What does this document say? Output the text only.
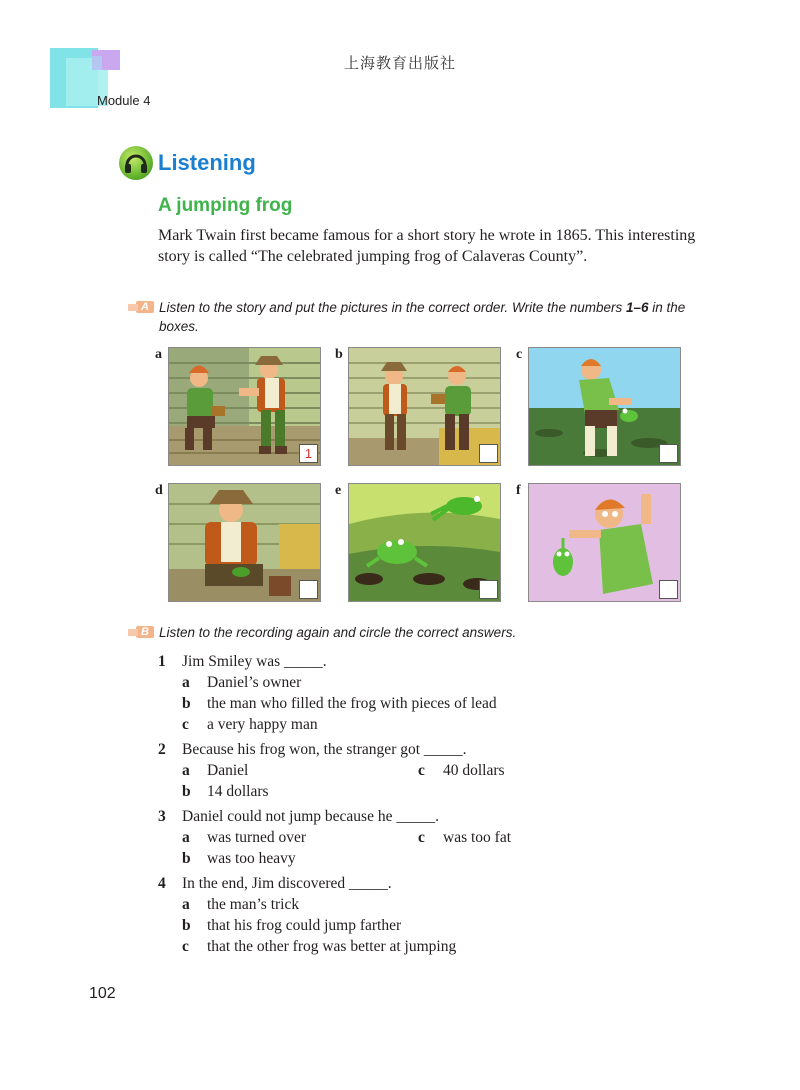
上海教育出版社
Module 4
Listening
A jumping frog
Mark Twain first became famous for a short story he wrote in 1865. This interesting story is called “The celebrated jumping frog of Calaveras County”.
A Listen to the story and put the pictures in the correct order. Write the numbers 1–6 in the boxes.
a
1
b	c
d	e	f
B Listen to the recording again and circle the correct answers.
1 Jim Smiley was _____.
a Daniel’s owner
b the man who filled the frog with pieces of lead
c a very happy man
2 Because his frog won, the stranger got _____.
a Daniel	c 40 dollars
b 14 dollars
3 Daniel could not jump because he _____.
a was turned over	c was too fat
b was too heavy
4 In the end, Jim discovered _____.
a the man’s trick
b that his frog could jump farther
c that the other frog was better at jumping
102
